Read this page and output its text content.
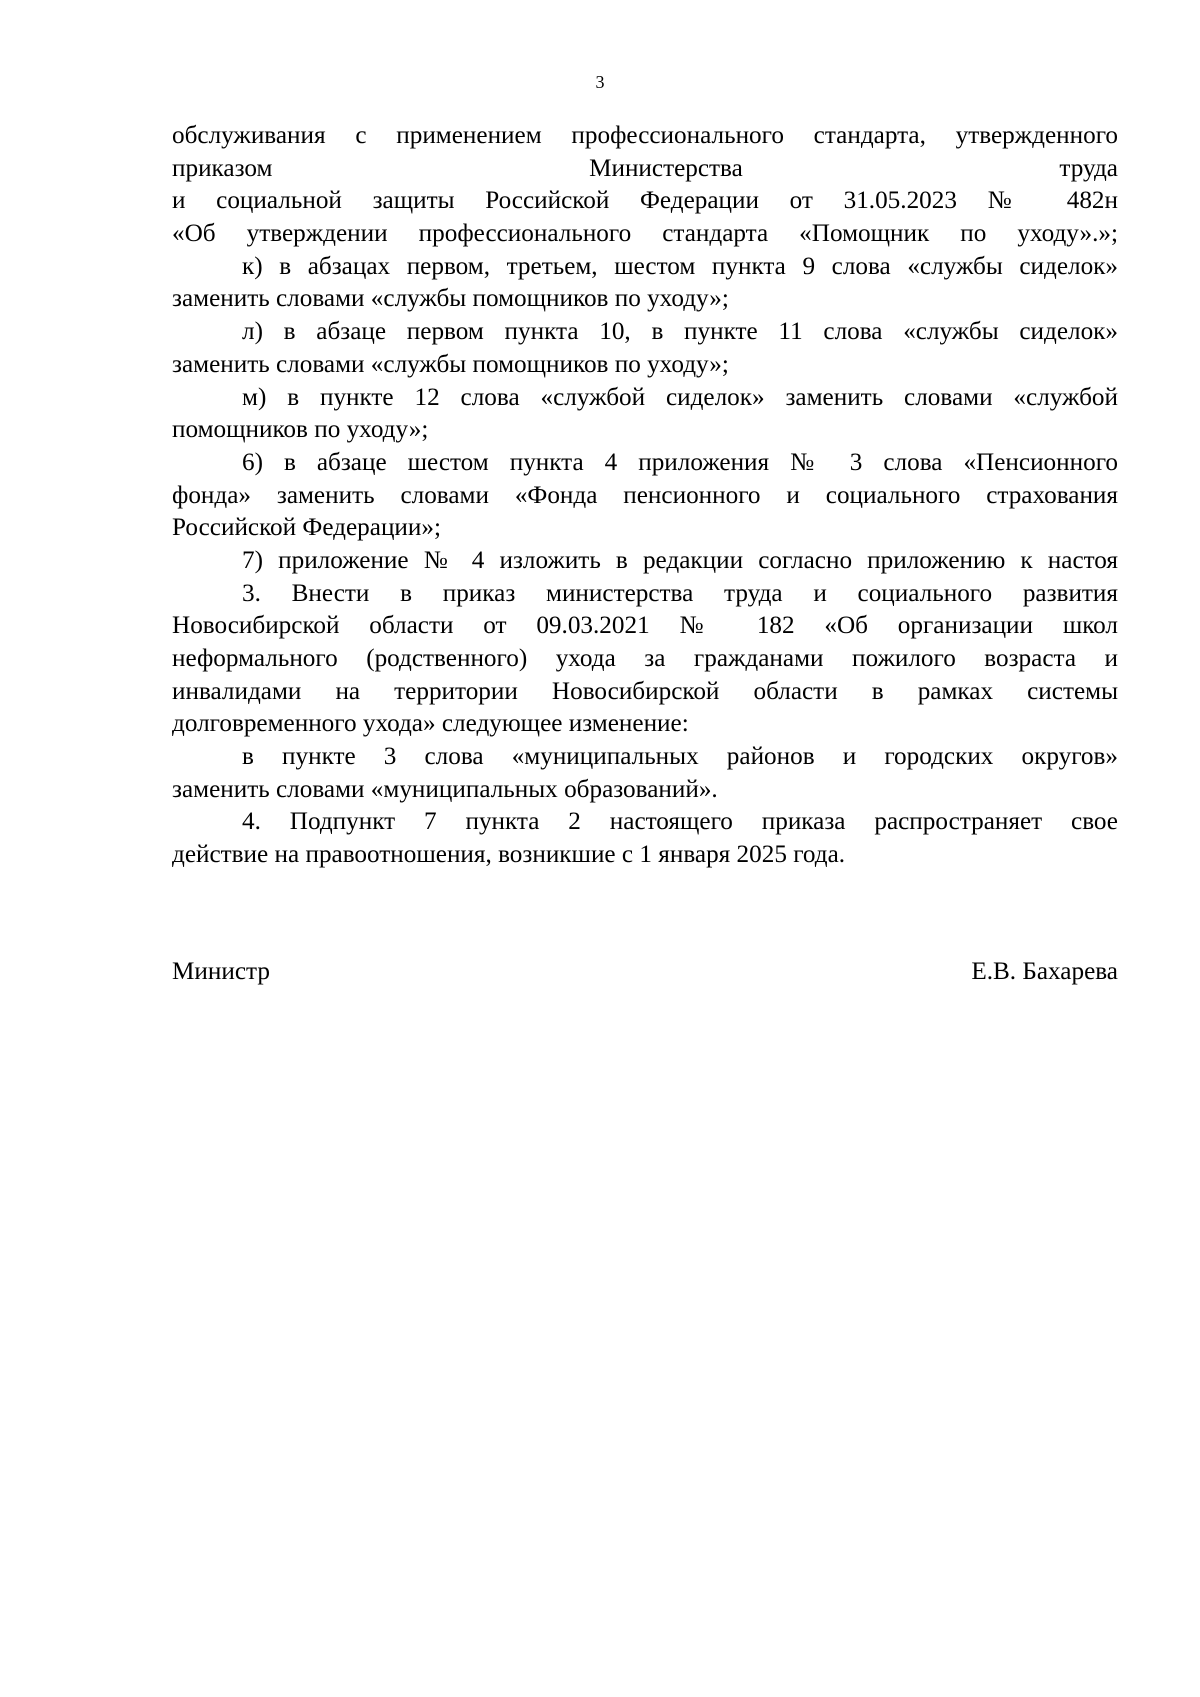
3
обслуживания с применением профессионального стандарта, утвержденного
приказом Министерства труда
и социальной защиты Российской Федерации от 31.05.2023 № 482н
«Об утверждении профессионального стандарта «Помощник по уходу».»;
к) в абзацах первом, третьем, шестом пункта 9 слова «службы сиделок»
заменить словами «службы помощников по уходу»;
л) в абзаце первом пункта 10, в пункте 11 слова «службы сиделок»
заменить словами «службы помощников по уходу»;
м) в пункте 12 слова «службой сиделок» заменить словами «службой
помощников по уходу»;
6) в абзаце шестом пункта 4 приложения № 3 слова «Пенсионного
фонда» заменить словами «Фонда пенсионного и социального страхования
Российской Федерации»;
7) приложение № 4 изложить в редакции согласно приложению к настоя
3. Внести в приказ министерства труда и социального развития
Новосибирской области от 09.03.2021 № 182 «Об организации школ
неформального (родственного) ухода за гражданами пожилого возраста и
инвалидами на территории Новосибирской области в рамках системы
долговременного ухода» следующее изменение:
в пункте 3 слова «муниципальных районов и городских округов»
заменить словами «муниципальных образований».
4. Подпункт 7 пункта 2 настоящего приказа распространяет свое
действие на правоотношения, возникшие с 1 января 2025 года.
Министр	Е.В. Бахарева
